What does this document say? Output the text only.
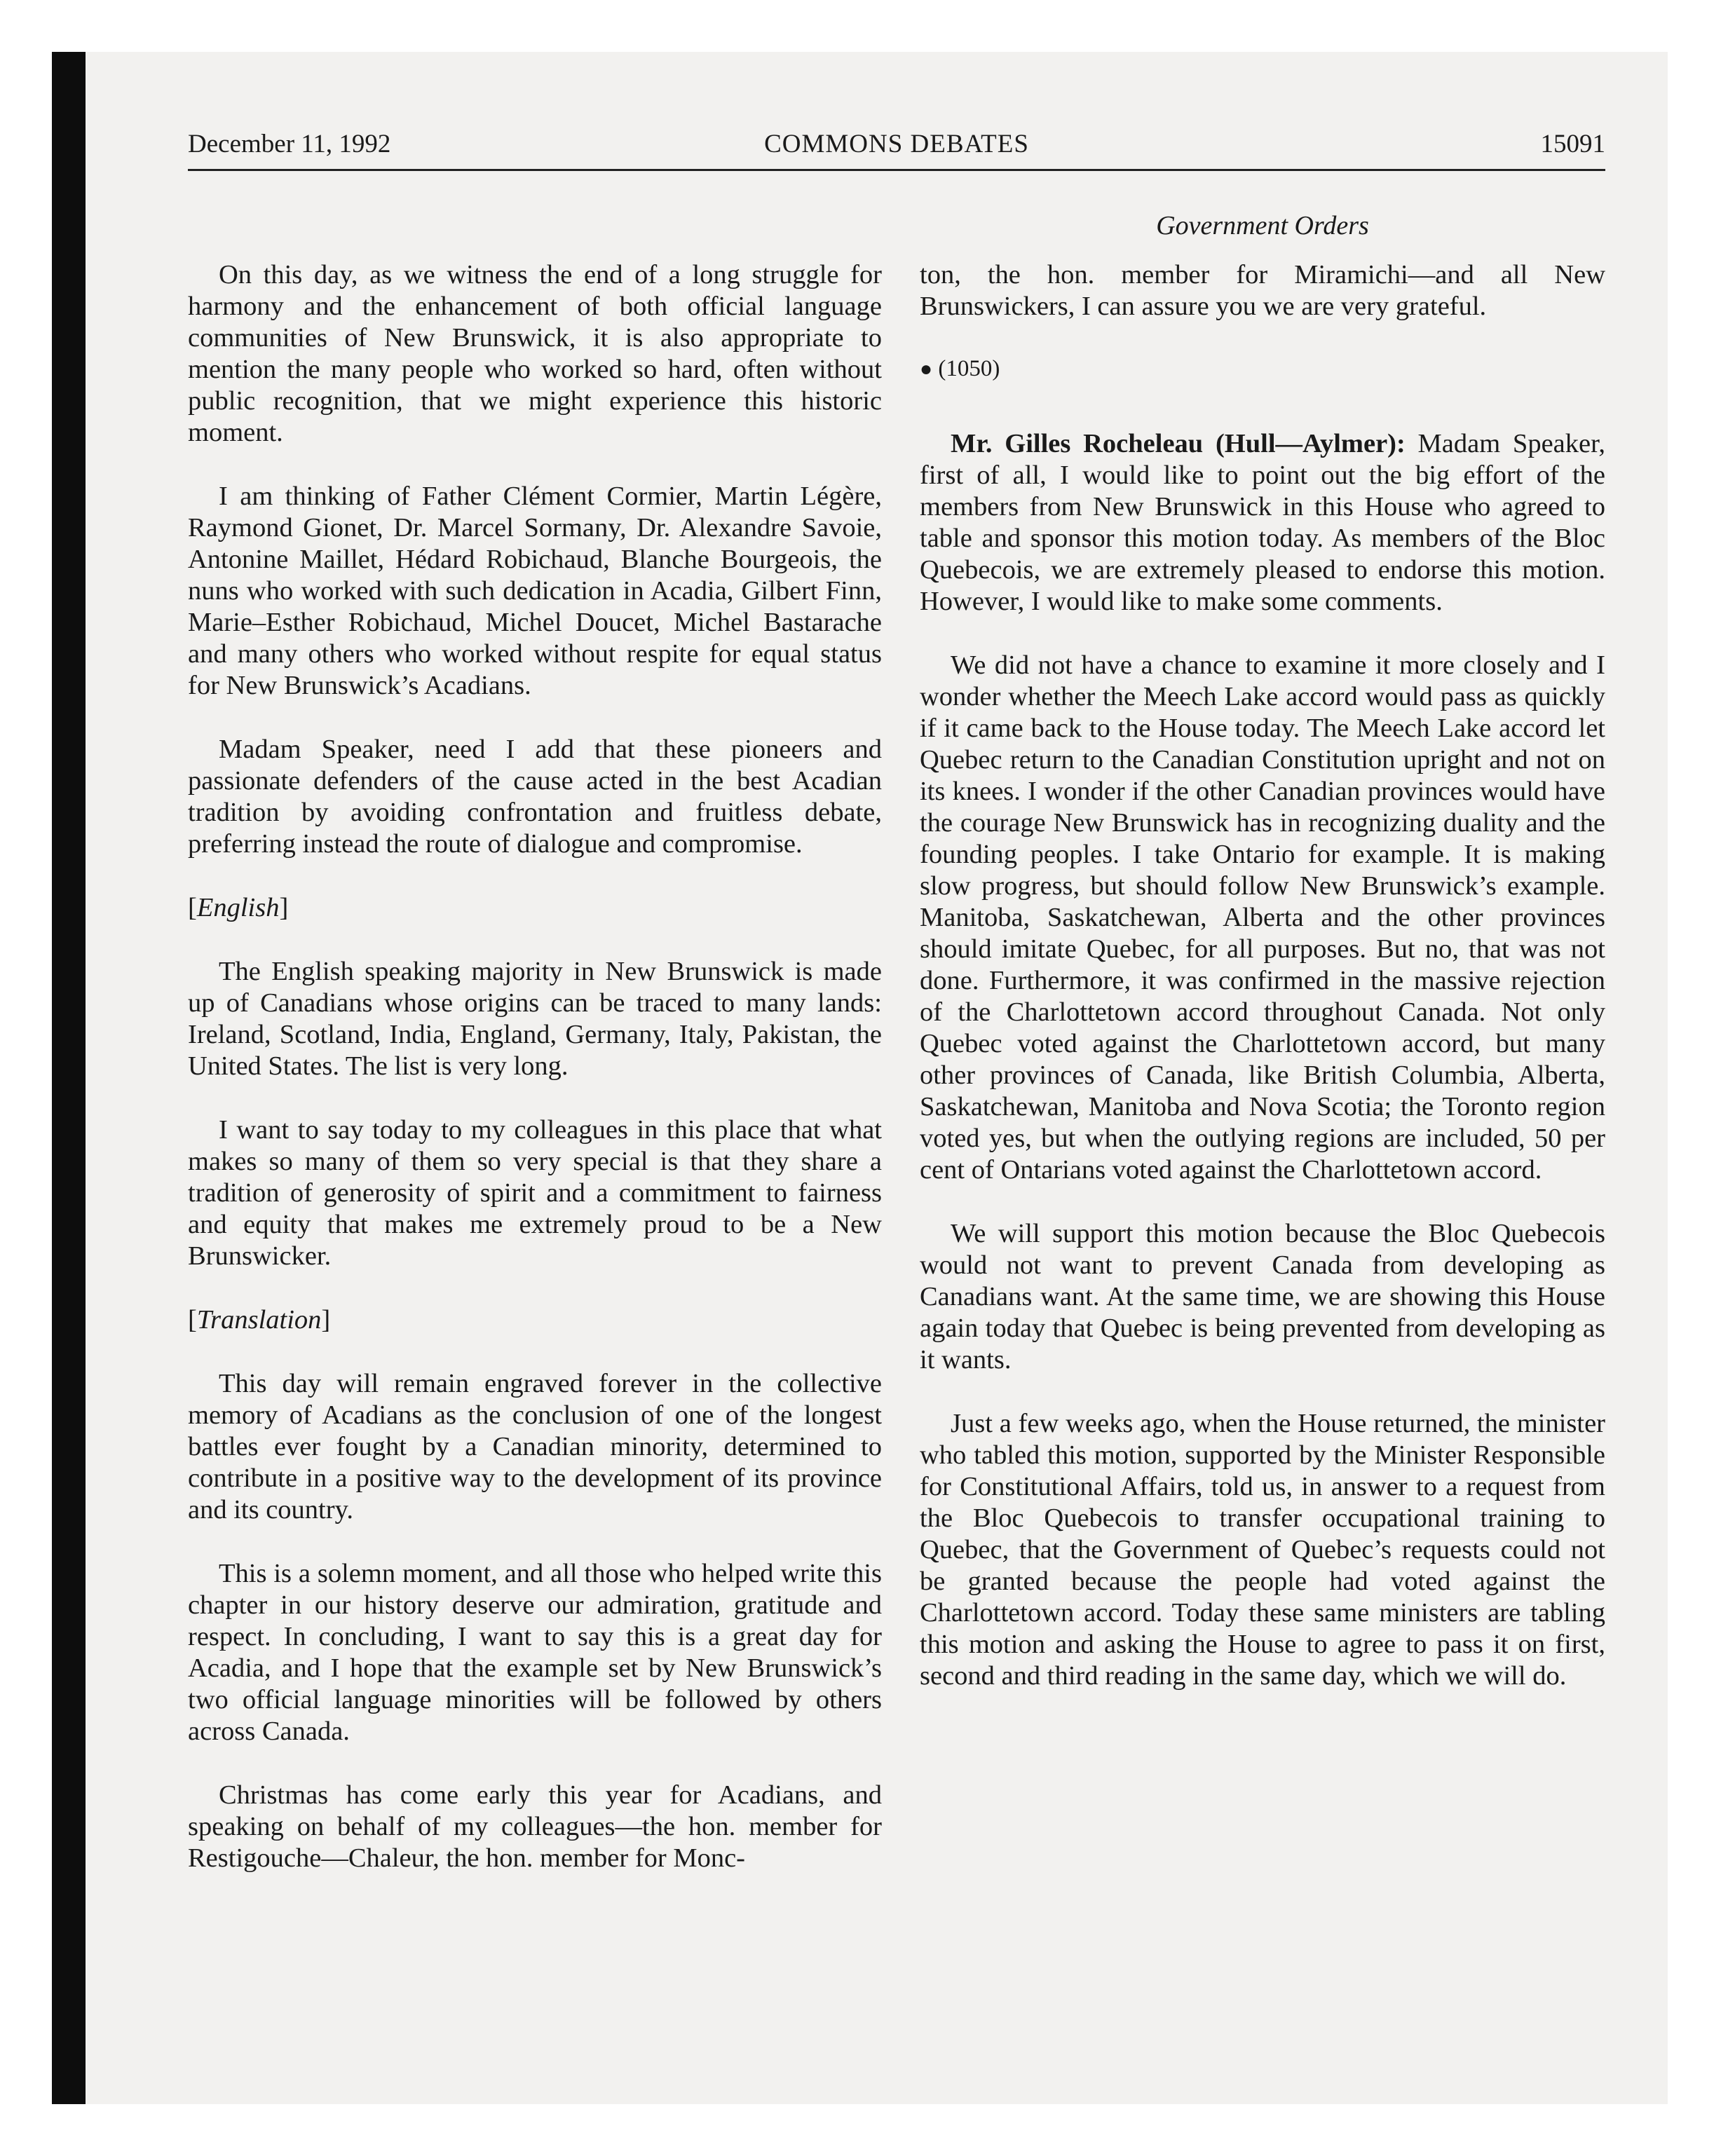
December 11, 1992	COMMONS DEBATES	15091
Government Orders

On this day, as we witness the end of a long struggle for harmony and the enhancement of both official language communities of New Brunswick, it is also appropriate to mention the many people who worked so hard, often without public recognition, that we might experience this historic moment.

I am thinking of Father Clément Cormier, Martin Légère, Raymond Gionet, Dr. Marcel Sormany, Dr. Alexandre Savoie, Antonine Maillet, Hédard Robichaud, Blanche Bourgeois, the nuns who worked with such dedication in Acadia, Gilbert Finn, Marie–Esther Robichaud, Michel Doucet, Michel Bastarache and many others who worked without respite for equal status for New Brunswick’s Acadians.

Madam Speaker, need I add that these pioneers and passionate defenders of the cause acted in the best Acadian tradition by avoiding confrontation and fruitless debate, preferring instead the route of dialogue and compromise.

[English]

The English speaking majority in New Brunswick is made up of Canadians whose origins can be traced to many lands: Ireland, Scotland, India, England, Germany, Italy, Pakistan, the United States. The list is very long.

I want to say today to my colleagues in this place that what makes so many of them so very special is that they share a tradition of generosity of spirit and a commitment to fairness and equity that makes me extremely proud to be a New Brunswicker.

[Translation]

This day will remain engraved forever in the collective memory of Acadians as the conclusion of one of the longest battles ever fought by a Canadian minority, determined to contribute in a positive way to the development of its province and its country.

This is a solemn moment, and all those who helped write this chapter in our history deserve our admiration, gratitude and respect. In concluding, I want to say this is a great day for Acadia, and I hope that the example set by New Brunswick’s two official language minorities will be followed by others across Canada.

Christmas has come early this year for Acadians, and speaking on behalf of my colleagues—the hon. member for Restigouche—Chaleur, the hon. member for Monc-

ton, the hon. member for Miramichi—and all New Brunswickers, I can assure you we are very grateful.

● (1050)

Mr. Gilles Rocheleau (Hull—Aylmer): Madam Speaker, first of all, I would like to point out the big effort of the members from New Brunswick in this House who agreed to table and sponsor this motion today. As members of the Bloc Quebecois, we are extremely pleased to endorse this motion. However, I would like to make some comments.

We did not have a chance to examine it more closely and I wonder whether the Meech Lake accord would pass as quickly if it came back to the House today. The Meech Lake accord let Quebec return to the Canadian Constitution upright and not on its knees. I wonder if the other Canadian provinces would have the courage New Brunswick has in recognizing duality and the founding peoples. I take Ontario for example. It is making slow progress, but should follow New Brunswick’s example. Manitoba, Saskatchewan, Alberta and the other provinces should imitate Quebec, for all purposes. But no, that was not done. Furthermore, it was confirmed in the massive rejection of the Charlottetown accord throughout Canada. Not only Quebec voted against the Charlottetown accord, but many other provinces of Canada, like British Columbia, Alberta, Saskatchewan, Manitoba and Nova Scotia; the Toronto region voted yes, but when the outlying regions are included, 50 per cent of Ontarians voted against the Charlottetown accord.

We will support this motion because the Bloc Quebecois would not want to prevent Canada from developing as Canadians want. At the same time, we are showing this House again today that Quebec is being prevented from developing as it wants.

Just a few weeks ago, when the House returned, the minister who tabled this motion, supported by the Minister Responsible for Constitutional Affairs, told us, in answer to a request from the Bloc Quebecois to transfer occupational training to Quebec, that the Government of Quebec’s requests could not be granted because the people had voted against the Charlottetown accord. Today these same ministers are tabling this motion and asking the House to agree to pass it on first, second and third reading in the same day, which we will do.
